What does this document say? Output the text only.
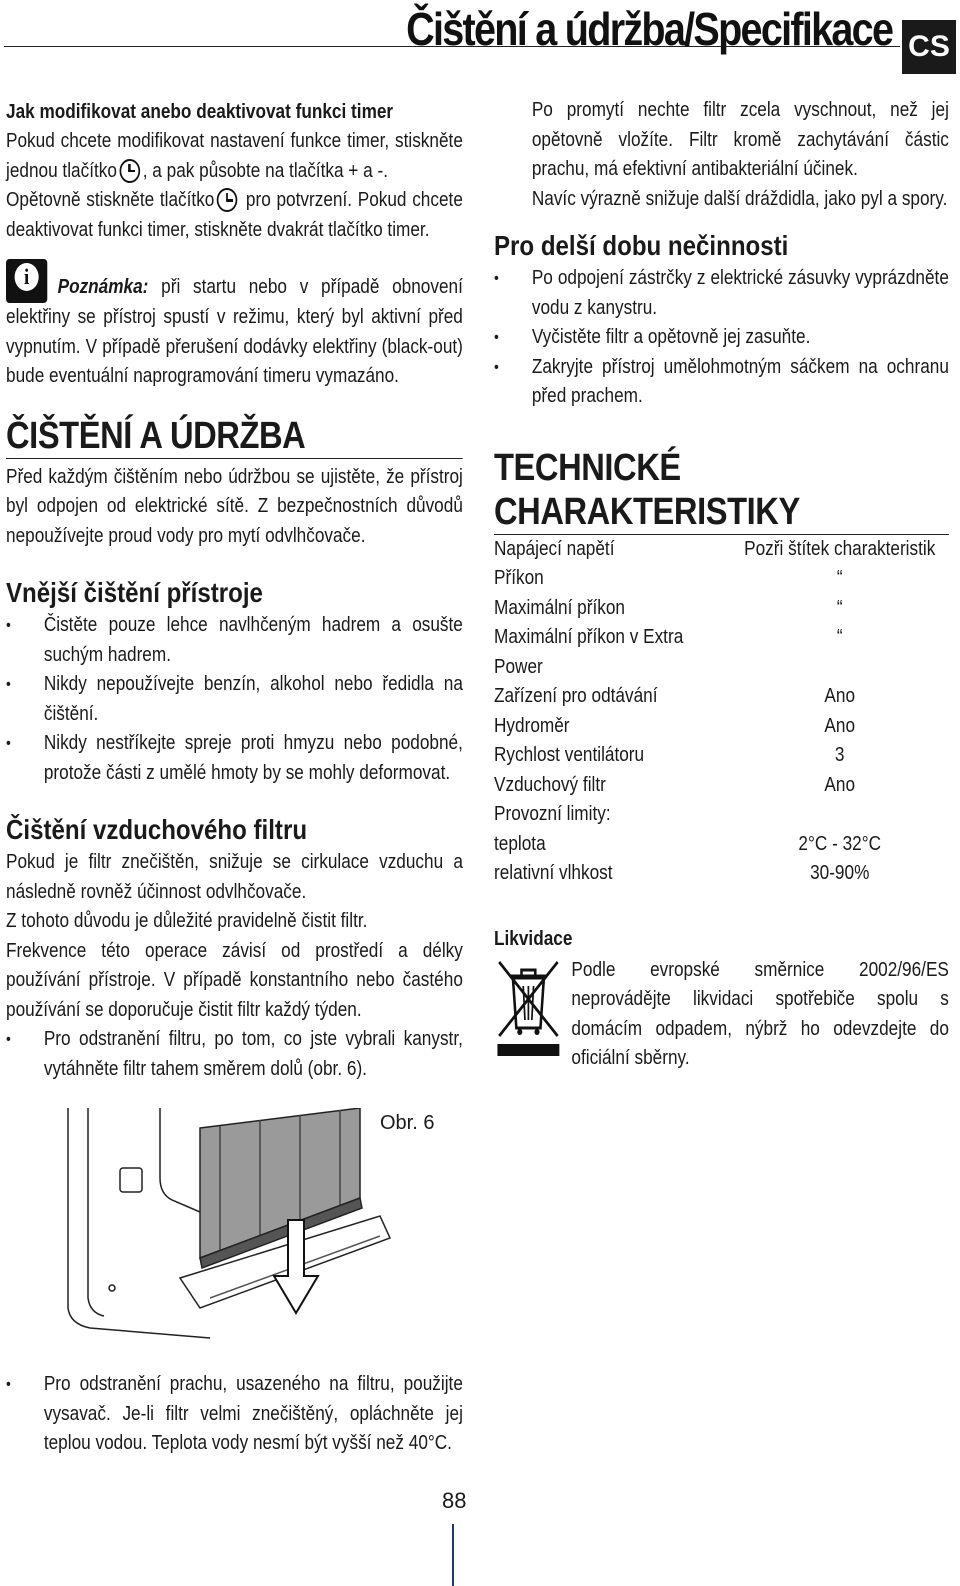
Čištění a údržba/Specifikace CS
Jak modifikovat anebo deaktivovat funkci timer

Pokud chcete modifikovat nastavení funkce timer, stiskněte jednou tlačítko , a pak působte na tlačítka + a -.

Opětovně stiskněte tlačítko pro potvrzení. Pokud chcete deaktivovat funkci timer, stiskněte dvakrát tlačítko timer.

i	Poznámka: při startu nebo v případě obnovení elektřiny se přístroj spustí v režimu, který byl aktivní před vypnutím. V případě přerušení dodávky elektřiny (black-out) bude eventuální naprogramování timeru vymazáno.

ČIŠTĚNÍ A ÚDRŽBA

Před každým čištěním nebo údržbou se ujistěte, že přístroj byl odpojen od elektrické sítě. Z bezpečnostních důvodů nepoužívejte proud vody pro mytí odvlhčovače.

Vnější čištění přístroje
• Čistěte pouze lehce navlhčeným hadrem a osušte suchým hadrem.
• Nikdy nepoužívejte benzín, alkohol nebo ředidla na čištění.
• Nikdy nestříkejte spreje proti hmyzu nebo podobné, protože části z umělé hmoty by se mohly deformovat.
Čištění vzduchového filtru

Pokud je filtr znečištěn, snižuje se cirkulace vzduchu a následně rovněž účinnost odvlhčovače.

Z tohoto důvodu je důležité pravidelně čistit filtr.

Frekvence této operace závisí od prostředí a délky používání přístroje. V případě konstantního nebo častého používání se doporučuje čistit filtr každý týden.

• Pro odstranění filtru, po tom, co jste vybrali kanystr, vytáhněte filtr tahem směrem dolů (obr. 6).
Obr. 6
• Pro odstranění prachu, usazeného na filtru, použijte vysavač. Je-li filtr velmi znečištěný, opláchněte jej teplou vodou. Teplota vody nesmí být vyšší než 40°C.

Po promytí nechte filtr zcela vyschnout, než jej opětovně vložíte. Filtr kromě zachytávání částic prachu, má efektivní antibakteriální účinek.

Navíc výrazně snižuje další dráždidla, jako pyl a spory.

Pro delší dobu nečinnosti
• Po odpojení zástrčky z elektrické zásuvky vyprázdněte vodu z kanystru.
• Vyčistěte filtr a opětovně jej zasuňte.
• Zakryjte přístroj umělohmotným sáčkem na ochranu před prachem.
TECHNICKÉ CHARAKTERISTIKY
Napájecí napětí	Pozři štítek charakteristik
Příkon	“
Maximální příkon	“
Maximální příkon v Extra Power	“
Zařízení pro odtávání	Ano
Hydroměr	Ano
Rychlost ventilátoru	3
Vzduchový filtr	Ano
Provozní limity:	
teplota	2°C - 32°C
relativní vlhkost	30-90%
Likvidace

Podle evropské směrnice 2002/96/ES neprovádějte likvidaci spotřebiče spolu s domácím odpadem, nýbrž ho odevzdejte do oficiální sběrny.

88
